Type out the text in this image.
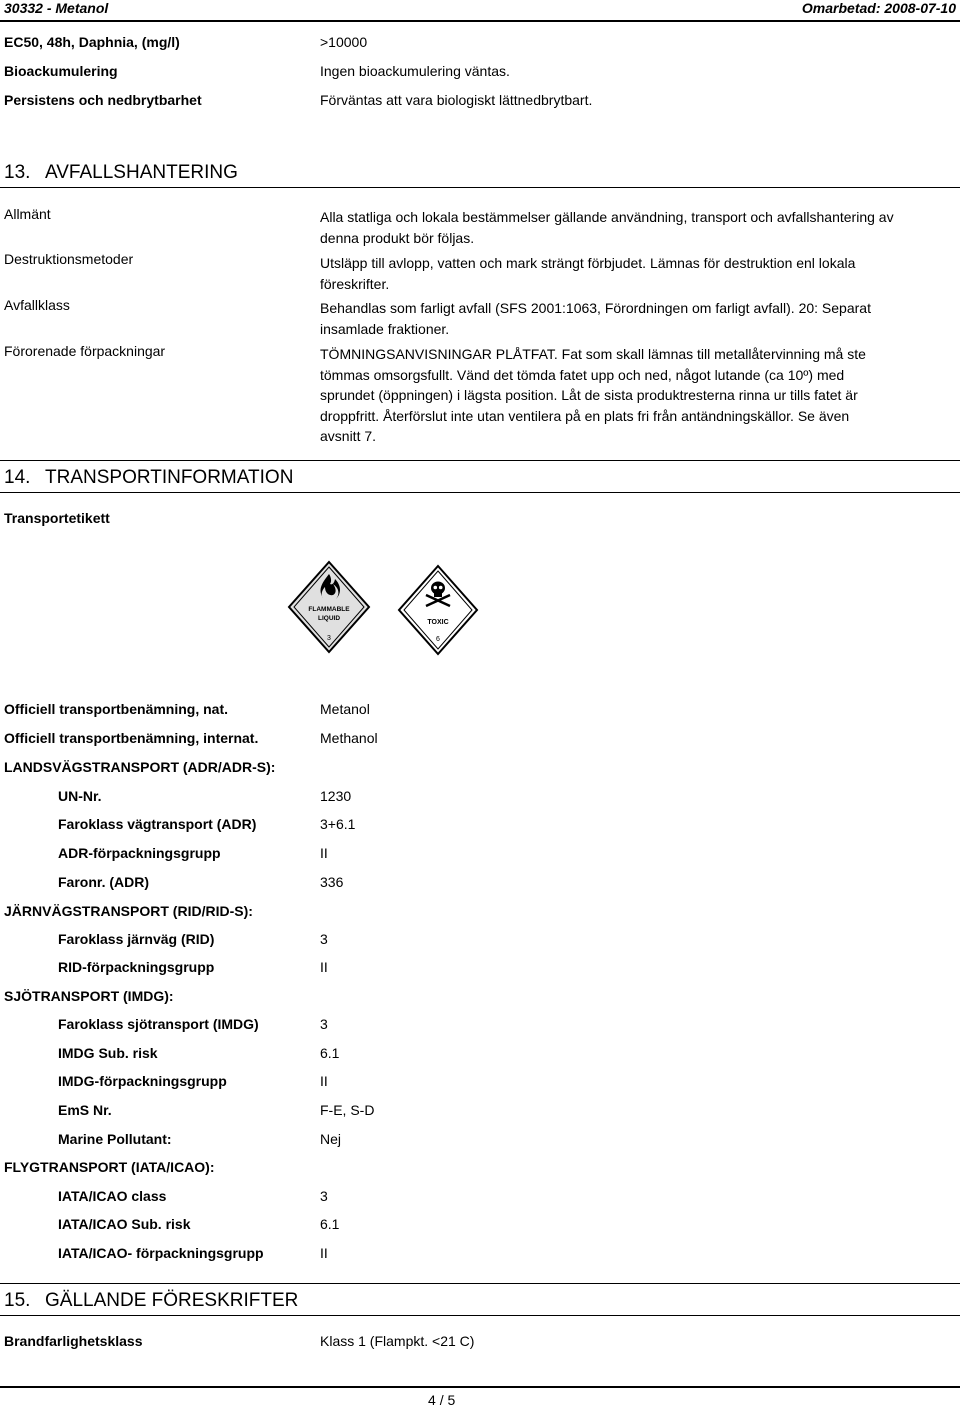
30332 - Metanol	Omarbetad: 2008-07-10
EC50, 48h, Daphnia, (mg/l)	>10000
Bioackumulering	Ingen bioackumulering väntas.
Persistens och nedbrytbarhet	Förväntas att vara biologiskt lättnedbrytbart.
13. AVFALLSHANTERING
Allmänt	Alla statliga och lokala bestämmelser gällande användning, transport och avfallshantering av denna produkt bör följas.
Destruktionsmetoder	Utsläpp till avlopp, vatten och mark strängt förbjudet. Lämnas för destruktion enl lokala föreskrifter.
Avfallklass	Behandlas som farligt avfall (SFS 2001:1063, Förordningen om farligt avfall). 20: Separat insamlade fraktioner.
Förorenade förpackningar	TÖMNINGSANVISNINGAR PLÅTFAT. Fat som skall lämnas till metallåtervinning må ste tömmas omsorgsfullt. Vänd det tömda fatet upp och ned, något lutande (ca 10º) med sprundet (öppningen) i lägsta position. Låt de sista produktresterna rinna ur tills fatet är droppfritt. Återförslut inte utan ventilera på en plats fri från antändningskällor. Se även avsnitt 7.
14. TRANSPORTINFORMATION
Transportetikett
FLAMMABLE
LIQUID
3
TOXIC
6
Officiell transportbenämning, nat.	Metanol
Officiell transportbenämning, internat.	Methanol
LANDSVÄGSTRANSPORT (ADR/ADR-S):
UN-Nr.	1230
Faroklass vägtransport (ADR)	3+6.1
ADR-förpackningsgrupp	II
Faronr. (ADR)	336
JÄRNVÄGSTRANSPORT (RID/RID-S):
Faroklass järnväg (RID)	3
RID-förpackningsgrupp	II
SJÖTRANSPORT (IMDG):
Faroklass sjötransport (IMDG)	3
IMDG Sub. risk	6.1
IMDG-förpackningsgrupp	II
EmS Nr.	F-E, S-D
Marine Pollutant:	Nej
FLYGTRANSPORT (IATA/ICAO):
IATA/ICAO class	3
IATA/ICAO Sub. risk	6.1
IATA/ICAO- förpackningsgrupp	II
15. GÄLLANDE FÖRESKRIFTER
Brandfarlighetsklass	Klass 1 (Flampkt. <21 C)
4 / 5
